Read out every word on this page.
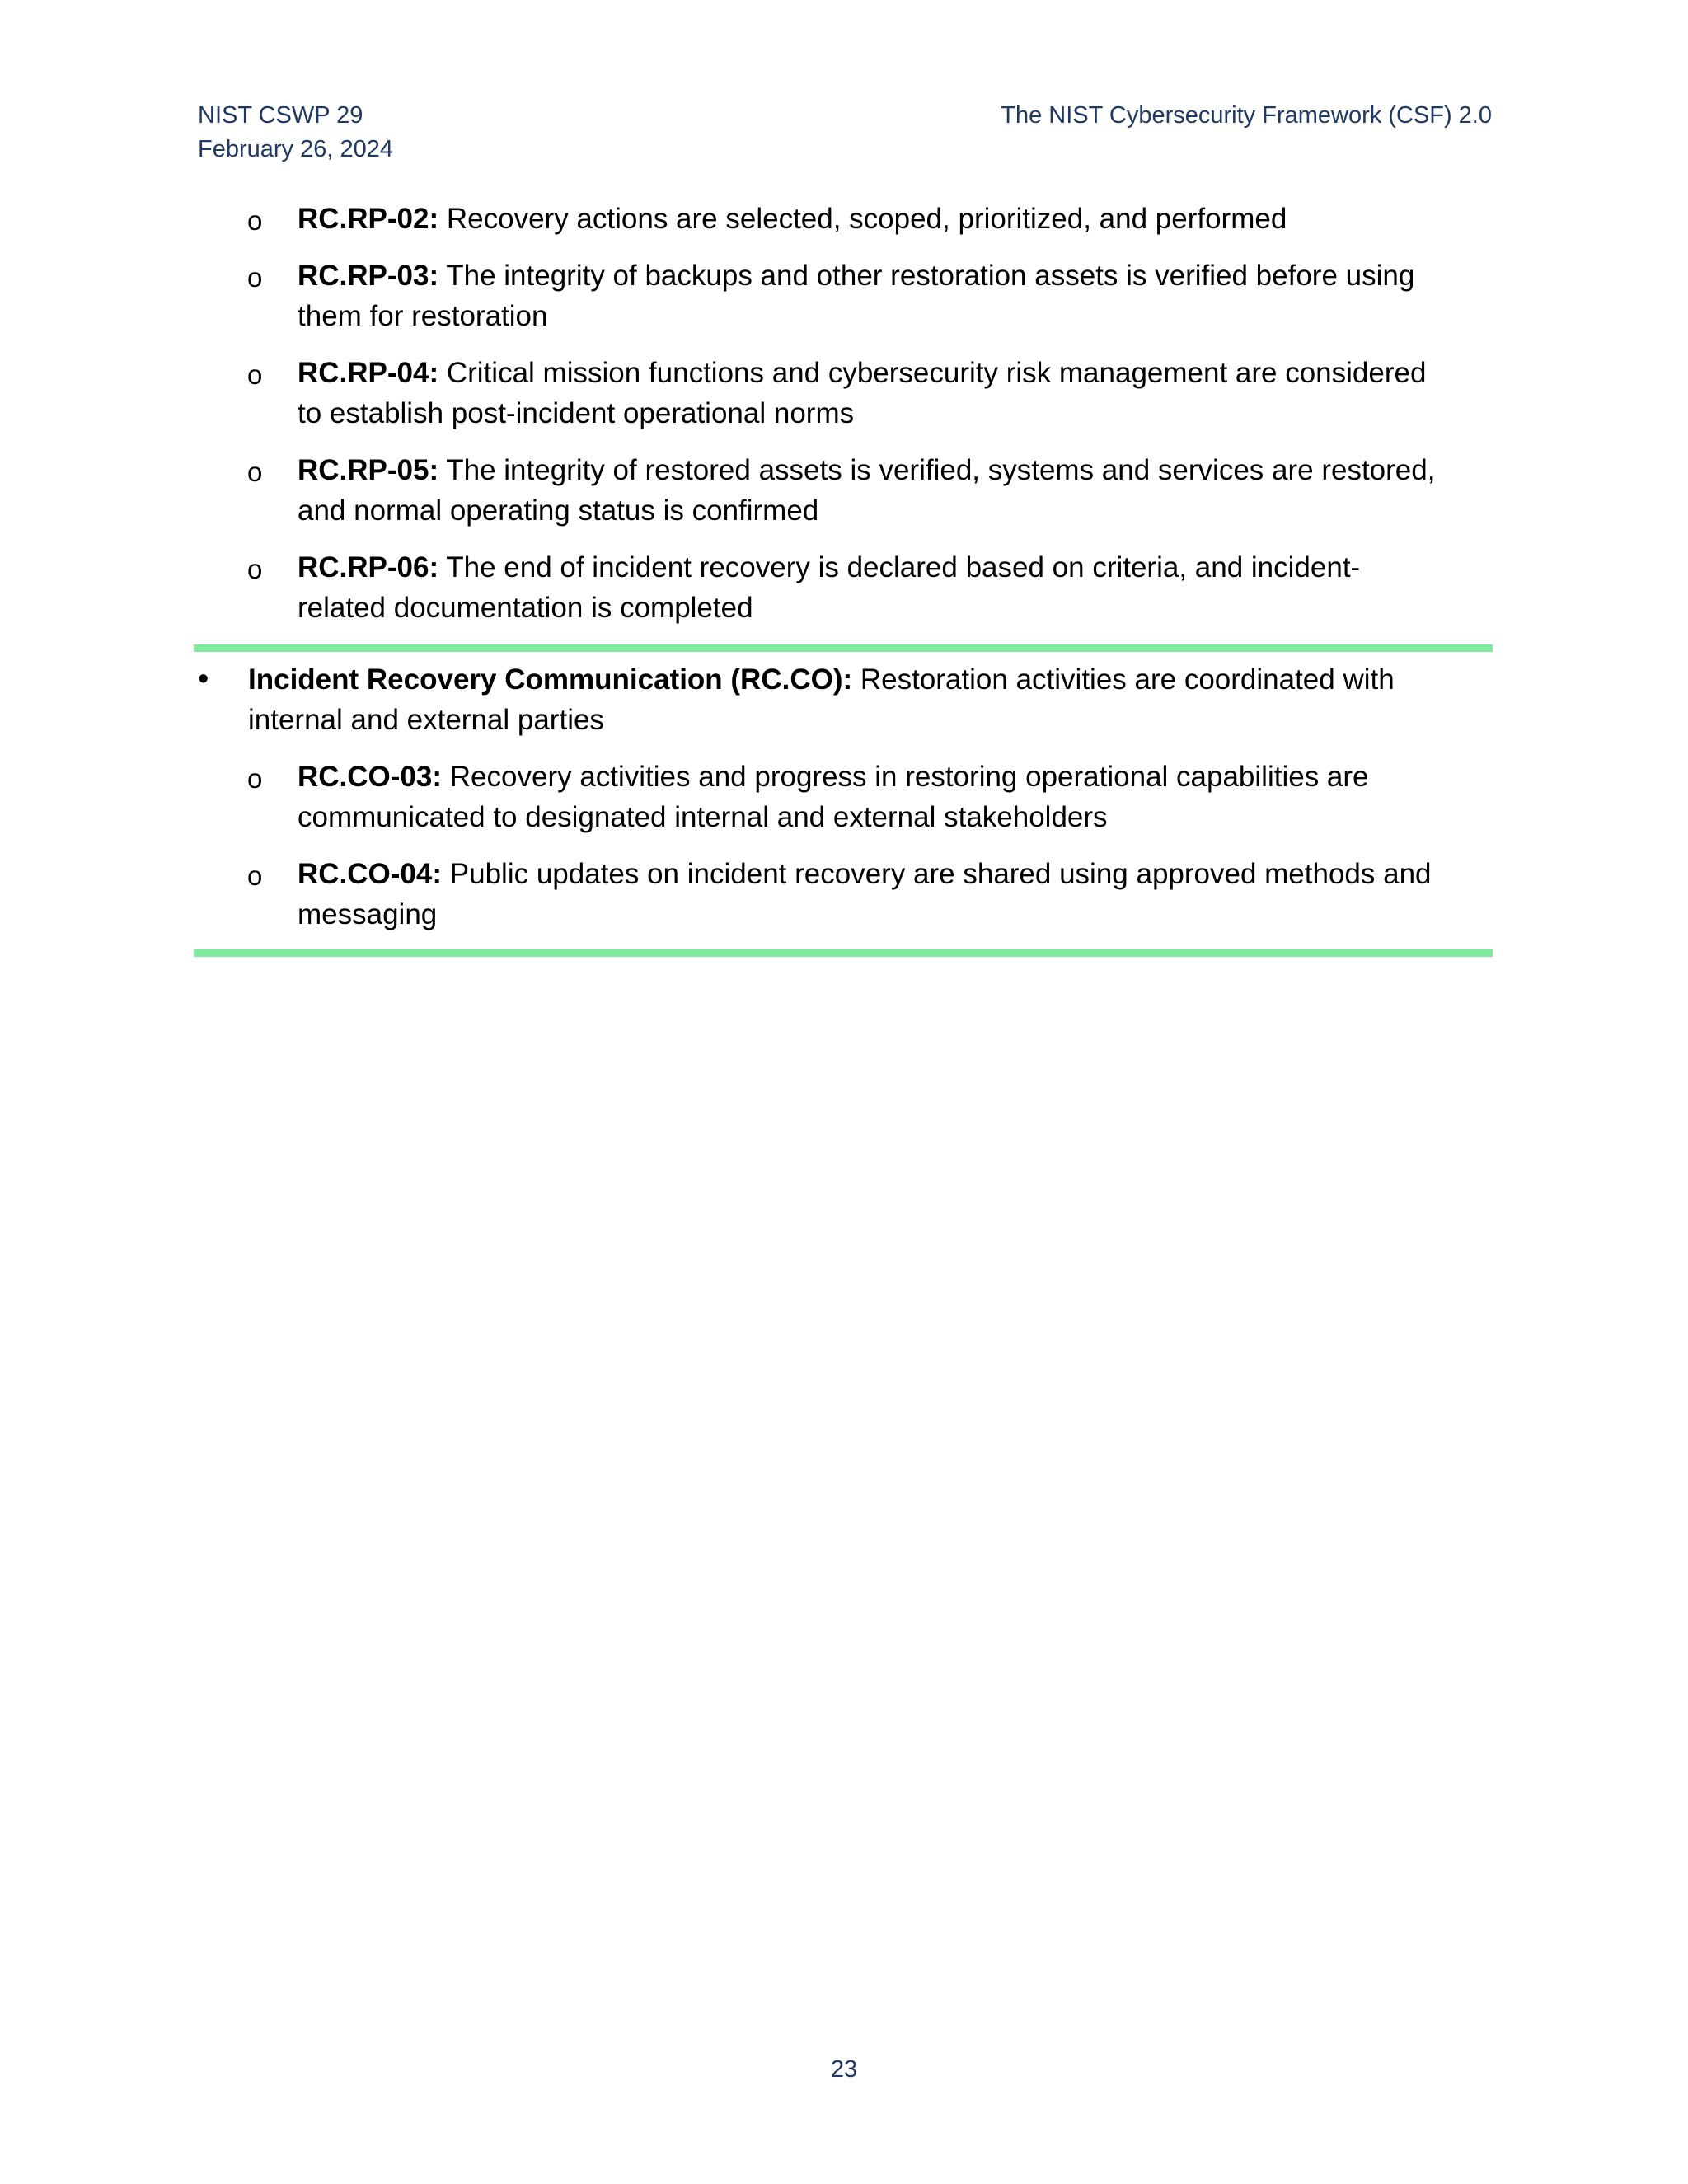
NIST CSWP 29
February 26, 2024
The NIST Cybersecurity Framework (CSF) 2.0
o RC.RP-02: Recovery actions are selected, scoped, prioritized, and performed
o RC.RP-03: The integrity of backups and other restoration assets is verified before using
them for restoration
o RC.RP-04: Critical mission functions and cybersecurity risk management are considered
to establish post-incident operational norms
o RC.RP-05: The integrity of restored assets is verified, systems and services are restored,
and normal operating status is confirmed
o RC.RP-06: The end of incident recovery is declared based on criteria, and incident-
related documentation is completed
• Incident Recovery Communication (RC.CO): Restoration activities are coordinated with
internal and external parties
o RC.CO-03: Recovery activities and progress in restoring operational capabilities are
communicated to designated internal and external stakeholders
o RC.CO-04: Public updates on incident recovery are shared using approved methods and
messaging
23
